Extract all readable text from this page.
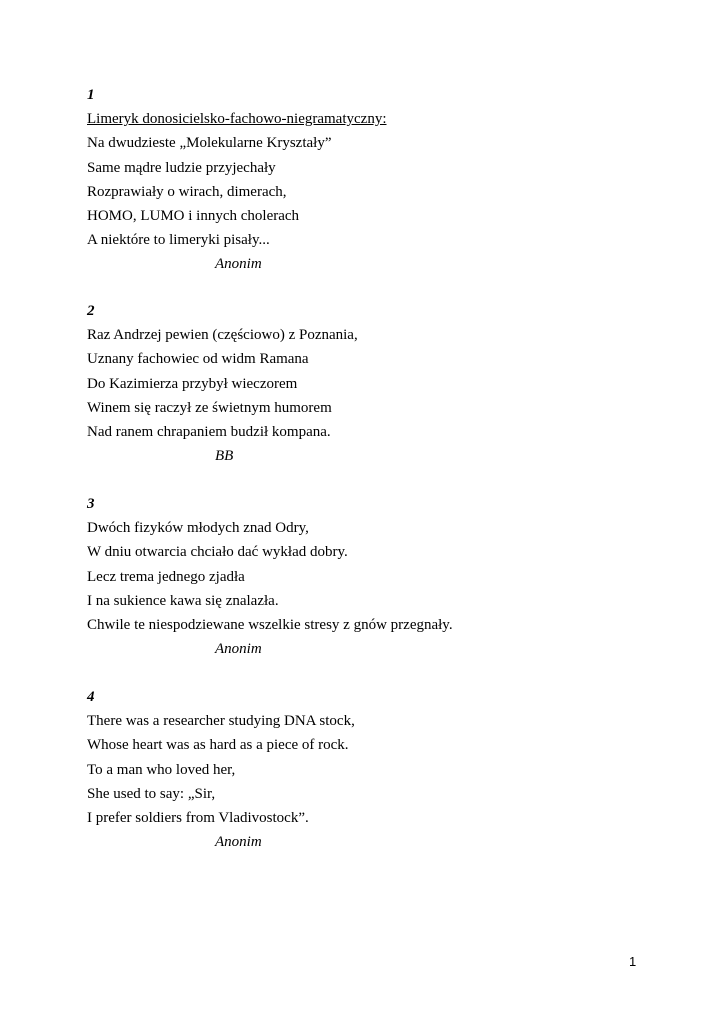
1
Limeryk donosicielsko-fachowo-niegramatyczny:
Na dwudzieste „Molekularne Kryształy”
Same mądre ludzie przyjechały
Rozprawiały o wirach, dimerach,
HOMO, LUMO i innych cholerach
A niektóre to limeryki pisały...
Anonim
2
Raz Andrzej pewien (częściowo) z Poznania,
Uznany fachowiec od widm Ramana
Do Kazimierza przybył wieczorem
Winem się raczył ze świetnym humorem
Nad ranem chrapaniem budził kompana.
BB
3
Dwóch fizyków młodych znad Odry,
W dniu otwarcia chciało dać wykład dobry.
Lecz trema jednego zjadła
I na sukience kawa się znalazła.
Chwile te niespodziewane wszelkie stresy z gnów przegnały.
Anonim
4
There was a researcher studying DNA stock,
Whose heart was as hard as a piece of rock.
To a man who loved her,
She used to say: „Sir,
I prefer soldiers from Vladivostock”.
Anonim
1
